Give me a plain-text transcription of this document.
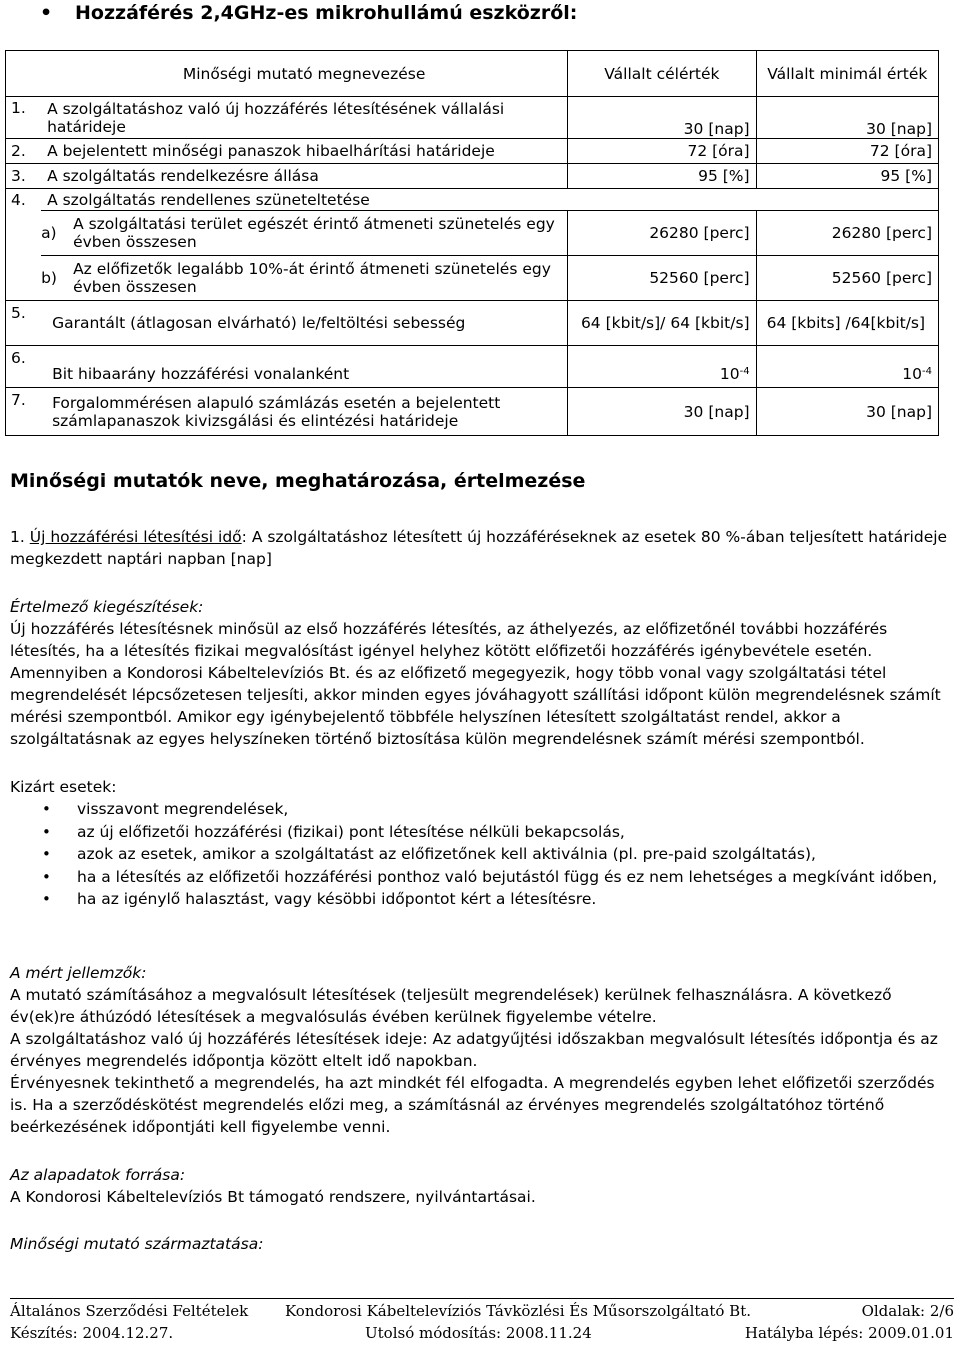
• Hozzáférés 2,4GHz-es mikrohullámú eszközről:
	Minőségi mutató megnevezése	Vállalt célérték	Vállalt minimál érték
1.	A szolgáltatáshoz való új hozzáférés létesítésének vállalási határideje	30 [nap]	30 [nap]
2.	A bejelentett minőségi panaszok hibaelhárítási határideje	72 [óra]	72 [óra]
3.	A szolgáltatás rendelkezésre állása	95 [%]	95 [%]
4.	A szolgáltatás rendellenes szüneteltetése		

	a) A szolgáltatási terület egészét érintő átmeneti szünetelés egy évben összesen	26280 [perc]	26280 [perc]

	b) Az előfizetők legalább 10%-át érintő átmeneti szünetelés egy évben összesen	52560 [perc]	52560 [perc]
5.	Garantált (átlagosan elvárható) le/feltöltési sebesség	64 [kbit/s]/ 64 [kbit/s]	64 [kbits] /64[kbit/s]
6.	Bit hibaarány hozzáférési vonalanként	$10^{-4}$	$10^{-4}$
7.	Forgalommérésen alapuló számlázás esetén a bejelentett számlapanaszok kivizsgálási és elintézési határideje	30 [nap]	30 [nap]
Minőségi mutatók neve, meghatározása, értelmezése
1. Új hozzáférési létesítési idő: A szolgáltatáshoz létesített új hozzáféréseknek az esetek 80 %-ában teljesített határideje megkezdett naptári napban [nap]
Értelmező kiegészítések:
Új hozzáférés létesítésnek minősül az első hozzáférés létesítés, az áthelyezés, az előfizetőnél további hozzáférés létesítés, ha a létesítés fizikai megvalósítást igényel helyhez kötött előfizetői hozzáférés igénybevétele esetén. Amennyiben a Kondorosi Kábeltelevíziós Bt. és az előfizető megegyezik, hogy több vonal vagy szolgáltatási tétel megrendelését lépcsőzetesen teljesíti, akkor minden egyes jóváhagyott szállítási időpont külön megrendelésnek számít mérési szempontból. Amikor egy igénybejelentő többféle helyszínen létesített szolgáltatást rendel, akkor a szolgáltatásnak az egyes helyszíneken történő biztosítása külön megrendelésnek számít mérési szempontból.
Kizárt esetek:
• visszavont megrendelések,
• az új előfizetői hozzáférési (fizikai) pont létesítése nélküli bekapcsolás,
• azok az esetek, amikor a szolgáltatást az előfizetőnek kell aktiválnia (pl. pre-paid szolgáltatás),
• ha a létesítés az előfizetői hozzáférési ponthoz való bejutástól függ és ez nem lehetséges a megkívánt időben,
• ha az igénylő halasztást, vagy késöbbi időpontot kért a létesítésre.
A mért jellemzők:
A mutató számításához a megvalósult létesítések (teljesült megrendelések) kerülnek felhasználásra. A következő év(ek)re áthúzódó létesítések a megvalósulás évében kerülnek figyelembe vételre.
A szolgáltatáshoz való új hozzáférés létesítések ideje: Az adatgyűjtési időszakban megvalósult létesítés időpontja és az érvényes megrendelés időpontja között eltelt idő napokban.
Érvényesnek tekinthető a megrendelés, ha azt mindkét fél elfogadta. A megrendelés egyben lehet előfizetői szerződés is. Ha a szerződéskötést megrendelés előzi meg, a számításnál az érvényes megrendelés szolgáltatóhoz történő beérkezésének időpontjáti kell figyelembe venni.
Az alapadatok forrása:
A Kondorosi Kábeltelevíziós Bt támogató rendszere, nyilvántartásai.
Minőségi mutató származtatása:
Általános Szerződési Feltételek Kondorosi Kábeltelevíziós Távközlési És Műsorszolgáltató Bt.	Oldalak: 2/6
Készítés: 2004.12.27.	Utolsó módosítás: 2008.11.24	Hatályba lépés: 2009.01.01
